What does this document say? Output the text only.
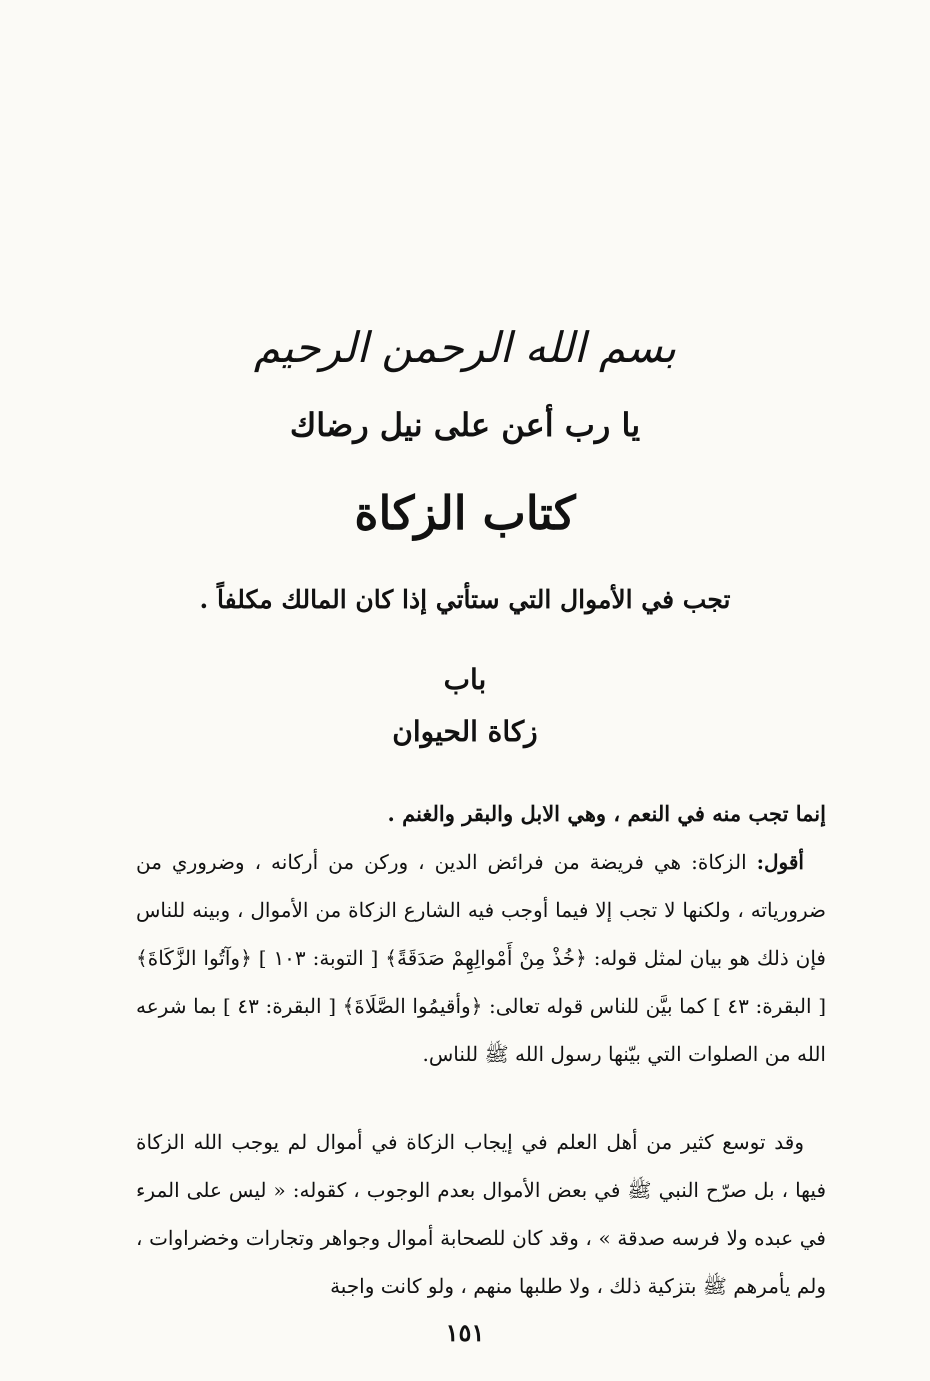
بسم الله الرحمن الرحيم
يا رب أعن على نيل رضاك
كتاب الزكاة
تجب في الأموال التي ستأتي إذا كان المالك مكلفاً .
باب
زكاة الحيوان
إنما تجب منه في النعم ، وهي الابل والبقر والغنم .
أقول: الزكاة: هي فريضة من فرائض الدين ، وركن من أركانه ، وضروري من ضرورياته ، ولكنها لا تجب إلا فيما أوجب فيه الشارع الزكاة من الأموال ، وبينه للناس فإن ذلك هو بيان لمثل قوله: ﴿خُذْ مِنْ أَمْوالِهِمْ صَدَقَةً﴾ [ التوبة: ١٠٣ ] ﴿وآتُوا الزَّكَاةَ﴾ [ البقرة: ٤٣ ] كما بيَّن للناس قوله تعالى: ﴿وأقيمُوا الصَّلَاةَ﴾ [ البقرة: ٤٣ ] بما شرعه الله من الصلوات التي بيّنها رسول الله ﷺ للناس.
وقد توسع كثير من أهل العلم في إيجاب الزكاة في أموال لم يوجب الله الزكاة فيها ، بل صرّح النبي ﷺ في بعض الأموال بعدم الوجوب ، كقوله: « ليس على المرء في عبده ولا فرسه صدقة » ، وقد كان للصحابة أموال وجواهر وتجارات وخضراوات ، ولم يأمرهم ﷺ بتزكية ذلك ، ولا طلبها منهم ، ولو كانت واجبة
١٥١
